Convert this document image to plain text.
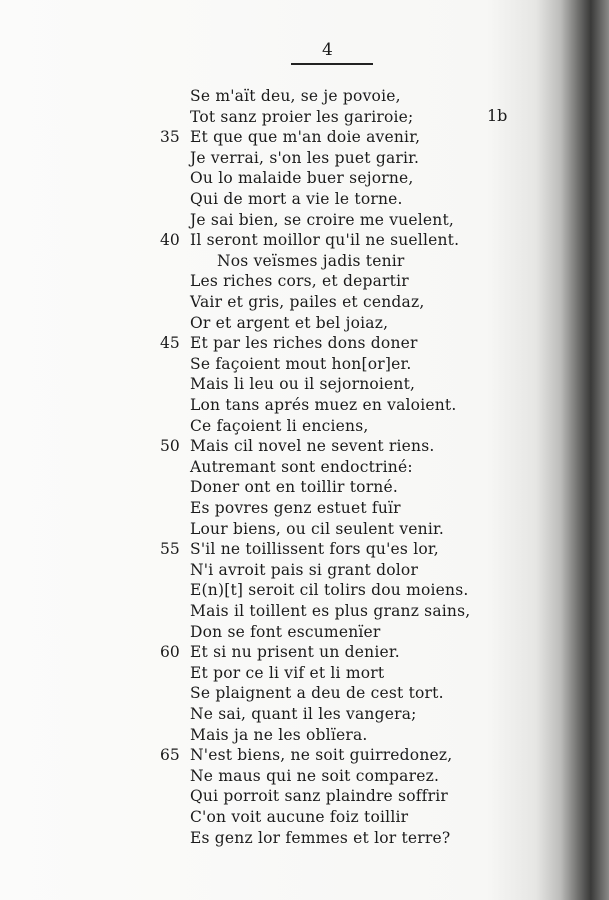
4
1b
Se m'aït deu, se je povoie,
Tot sanz proier les gariroie;
35 Et que que m'an doie avenir,
Je verrai, s'on les puet garir.
Ou lo malaide buer sejorne,
Qui de mort a vie le torne.
Je sai bien, se croire me vuelent,
40 Il seront moillor qu'il ne suellent.
Nos veïsmes jadis tenir
Les riches cors, et departir
Vair et gris, pailes et cendaz,
Or et argent et bel joiaz,
45 Et par les riches dons doner
Se façoient mout hon[or]er.
Mais li leu ou il sejornoient,
Lon tans aprés muez en valoient.
Ce façoient li enciens,
50 Mais cil novel ne sevent riens.
Autremant sont endoctriné:
Doner ont en toillir torné.
Es povres genz estuet fuïr
Lour biens, ou cil seulent venir.
55 S'il ne toillissent fors qu'es lor,
N'i avroit pais si grant dolor
E(n)[t] seroit cil tolirs dou moiens.
Mais il toillent es plus granz sains,
Don se font escumenïer
60 Et si nu prisent un denier.
Et por ce li vif et li mort
Se plaignent a deu de cest tort.
Ne sai, quant il les vangera;
Mais ja ne les oblïera.
65 N'est biens, ne soit guirredonez,
Ne maus qui ne soit comparez.
Qui porroit sanz plaindre soffrir
C'on voit aucune foiz toillir
Es genz lor femmes et lor terre?
